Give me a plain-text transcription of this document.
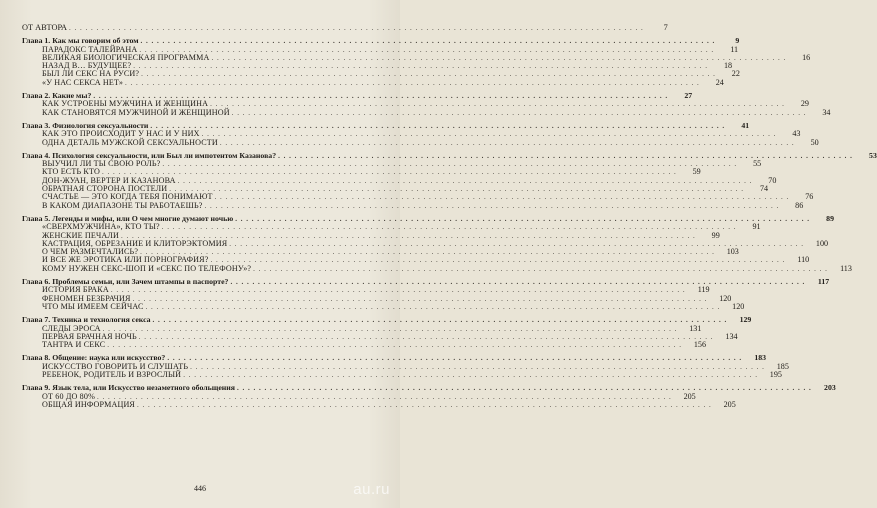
ОТ АВТОРА . . .	7
Глава 1. Как мы говорим об этом . . .	9
ПАРАДОКС ТАЛЕЙРАНА . . .	11
ВЕЛИКАЯ БИОЛОГИЧЕСКАЯ ПРОГРАММА . . .	16
НАЗАД В… БУДУЩЕЕ? . . .	18
БЫЛ ЛИ СЕКС НА РУСИ? . . .	22
«У НАС СЕКСА НЕТ» . . .	24
Глава 2. Какие мы? . . .	27
КАК УСТРОЕНЫ МУЖЧИНА И ЖЕНЩИНА . . .	29
КАК СТАНОВЯТСЯ МУЖЧИНОЙ И ЖЕНЩИНОЙ . . .	34
Глава 3. Физиология сексуальности . . .	41
КАК ЭТО ПРОИСХОДИТ У НАС И У НИХ . . .	43
ОДНА ДЕТАЛЬ МУЖСКОЙ СЕКСУАЛЬНОСТИ . . .	50
Глава 4. Психология сексуальности, или Был ли импотентом Казанова? . . .	53
ВЫУЧИЛ ЛИ ТЫ СВОЮ РОЛЬ? . . .	55
КТО ЕСТЬ КТО . . .	59
ДОН-ЖУАН, ВЕРТЕР И КАЗАНОВА . . .	70
ОБРАТНАЯ СТОРОНА ПОСТЕЛИ . . .	74
СЧАСТЬЕ — ЭТО КОГДА ТЕБЯ ПОНИМАЮТ . . .	76
В КАКОМ ДИАПАЗОНЕ ТЫ РАБОТАЕШЬ? . . .	86
Глава 5. Легенды и мифы, или О чем многие думают ночью . . .	89
«СВЕРХМУЖЧИНА», КТО ТЫ? . . .	91
ЖЕНСКИЕ ПЕЧАЛИ . . .	99
КАСТРАЦИЯ, ОБРЕЗАНИЕ И КЛИТОРЭКТОМИЯ . . .	100
О ЧЕМ РАЗМЕЧТАЛИСЬ? . . .	103
И ВСЕ ЖЕ ЭРОТИКА ИЛИ ПОРНОГРАФИЯ? . . .	110
КОМУ НУЖЕН СЕКС-ШОП И «СЕКС ПО ТЕЛЕФОНУ»? . . .	113
Глава 6. Проблемы семьи, или Зачем штампы в паспорте? . . .	117
ИСТОРИЯ БРАКА . . .	119
ФЕНОМЕН БЕЗБРАЧИЯ . . .	120
ЧТО МЫ ИМЕЕМ СЕЙЧАС . . .	120
Глава 7. Техника и технология секса . . .	129
СЛЕДЫ ЭРОСА . . .	131
ПЕРВАЯ БРАЧНАЯ НОЧЬ . . .	134
ТАНТРА И СЕКС . . .	156
Глава 8. Общение: наука или искусство? . . .	183
ИСКУССТВО ГОВОРИТЬ И СЛУШАТЬ . . .	185
РЕБЕНОК, РОДИТЕЛЬ И ВЗРОСЛЫЙ . . .	195
Глава 9. Язык тела, или Искусство незаметного обольщения . . .	203
ОТ 60 ДО 80% . . .	205
ОБЩАЯ ИНФОРМАЦИЯ . . .	205
446	au.ru
